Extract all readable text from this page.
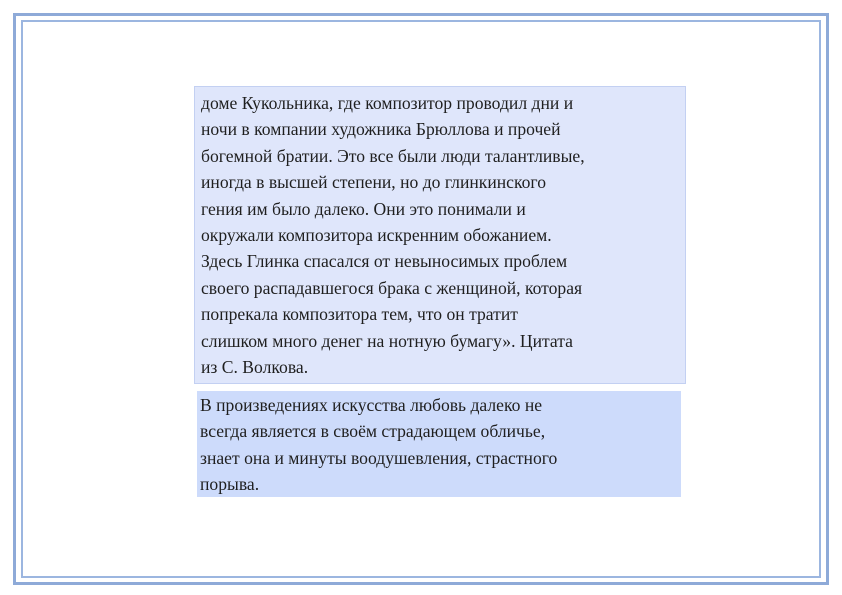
доме Кукольника, где композитор проводил дни и
ночи в компании художника Брюллова и прочей
богемной братии. Это все были люди талантливые,
иногда в высшей степени, но до глинкинского
гения им было далеко. Они это понимали и
окружали композитора искренним обожанием.
Здесь Глинка спасался от невыносимых проблем
своего распадавшегося брака с женщиной, которая
попрекала композитора тем, что он тратит
слишком много денег на нотную бумагу». Цитата
из С. Волкова.
В произведениях искусства любовь далеко не
всегда является в своём страдающем обличье,
знает она и минуты воодушевления, страстного
порыва.
